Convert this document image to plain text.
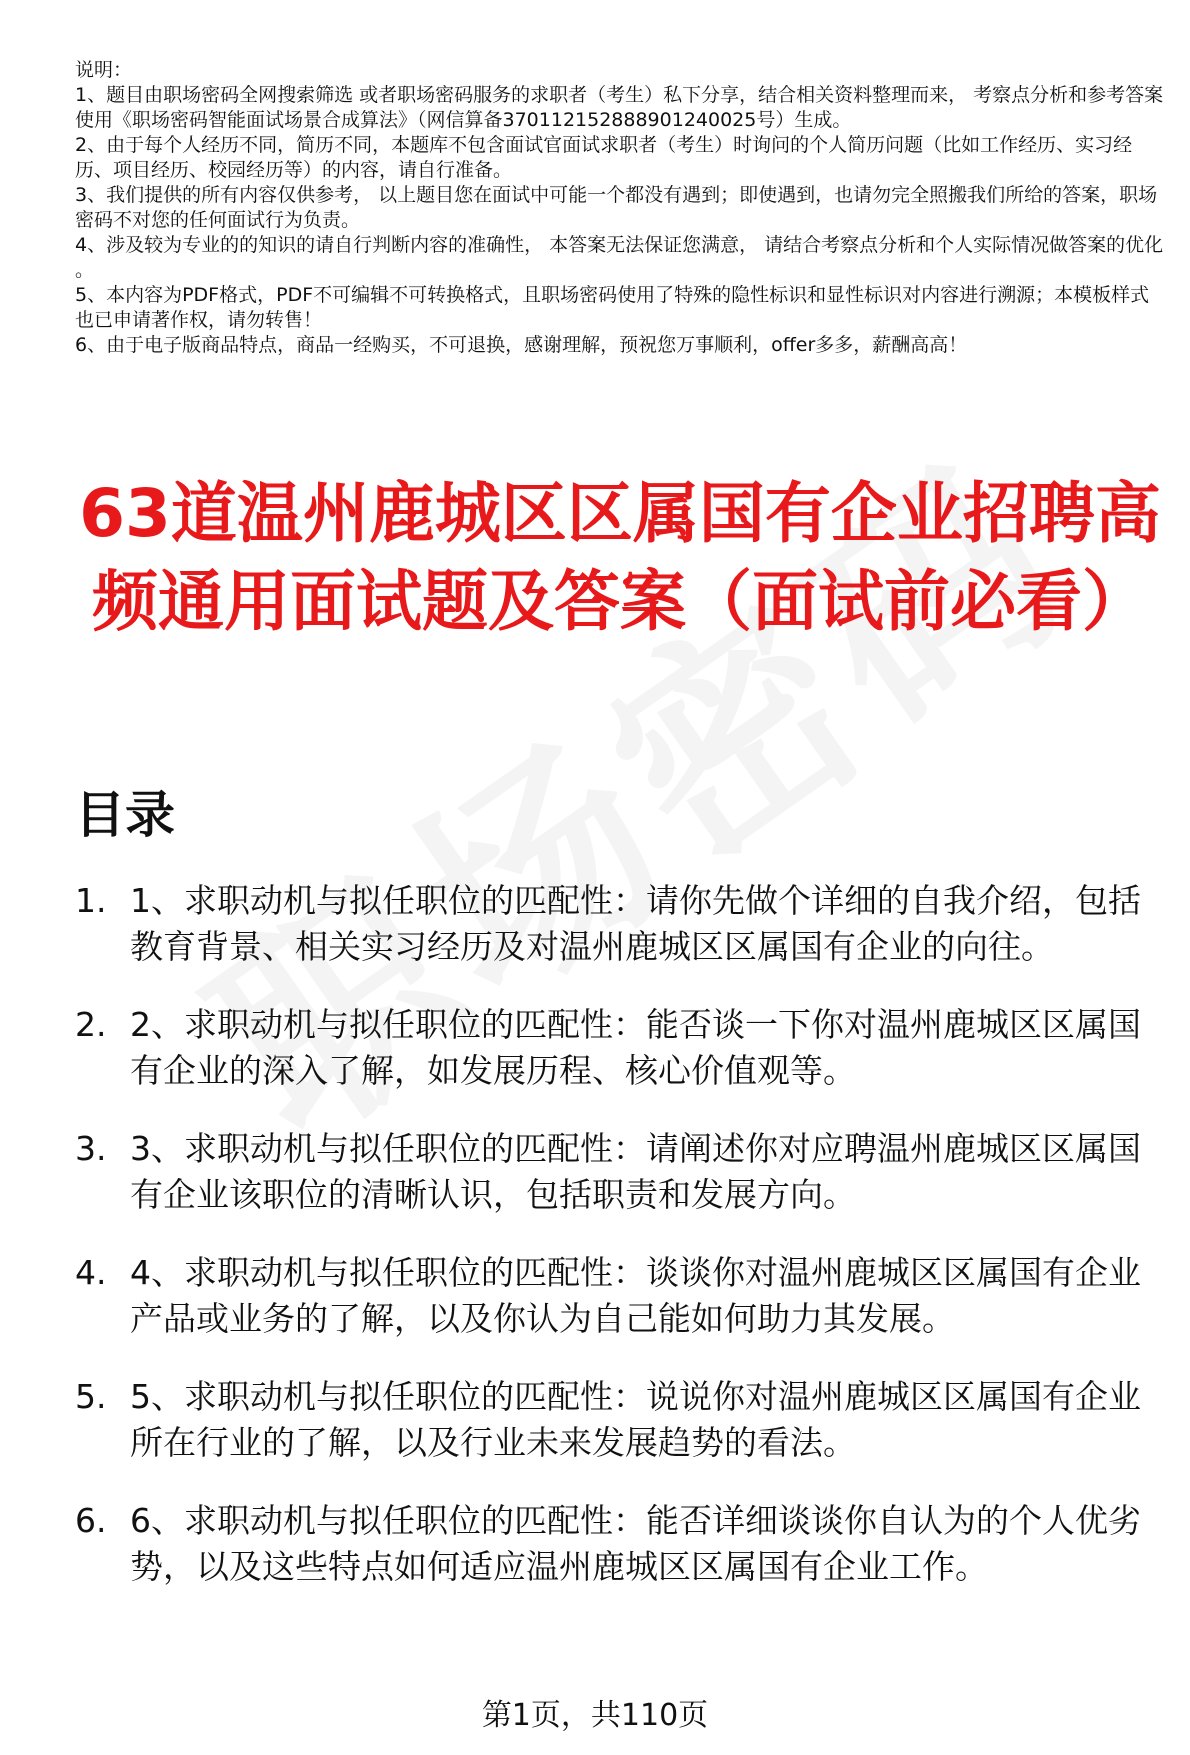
说明：

1、题目由职场密码全网搜索筛选 或者职场密码服务的求职者（考生）私下分享，结合相关资料整理而来， 考察点分析和参考答案使用《职场密码智能面试场景合成算法》（网信算备370112152888901240025号）生成。

2、由于每个人经历不同，简历不同，本题库不包含面试官面试求职者（考生）时询问的个人简历问题（比如工作经历、实习经历、项目经历、校园经历等）的内容，请自行准备。

3、我们提供的所有内容仅供参考， 以上题目您在面试中可能一个都没有遇到；即使遇到，也请勿完全照搬我们所给的答案，职场密码不对您的任何面试行为负责。

4、涉及较为专业的的知识的请自行判断内容的准确性， 本答案无法保证您满意， 请结合考察点分析和个人实际情况做答案的优化 。

5、本内容为PDF格式，PDF不可编辑不可转换格式，且职场密码使用了特殊的隐性标识和显性标识对内容进行溯源；本模板样式也已申请著作权，请勿转售！

6、由于电子版商品特点，商品一经购买，不可退换，感谢理解，预祝您万事顺利，offer多多，薪酬高高！

63道温州鹿城区区属国有企业招聘高频通用面试题及答案（面试前必看）
目录
1. 1、求职动机与拟任职位的匹配性：请你先做个详细的自我介绍，包括教育背景、相关实习经历及对温州鹿城区区属国有企业的向往。
2. 2、求职动机与拟任职位的匹配性：能否谈一下你对温州鹿城区区属国有企业的深入了解，如发展历程、核心价值观等。
3. 3、求职动机与拟任职位的匹配性：请阐述你对应聘温州鹿城区区属国有企业该职位的清晰认识，包括职责和发展方向。
4. 4、求职动机与拟任职位的匹配性：谈谈你对温州鹿城区区属国有企业产品或业务的了解，以及你认为自己能如何助力其发展。
5. 5、求职动机与拟任职位的匹配性：说说你对温州鹿城区区属国有企业所在行业的了解，以及行业未来发展趋势的看法。
6. 6、求职动机与拟任职位的匹配性：能否详细谈谈你自认为的个人优劣势，以及这些特点如何适应温州鹿城区区属国有企业工作。
第1页，共110页
